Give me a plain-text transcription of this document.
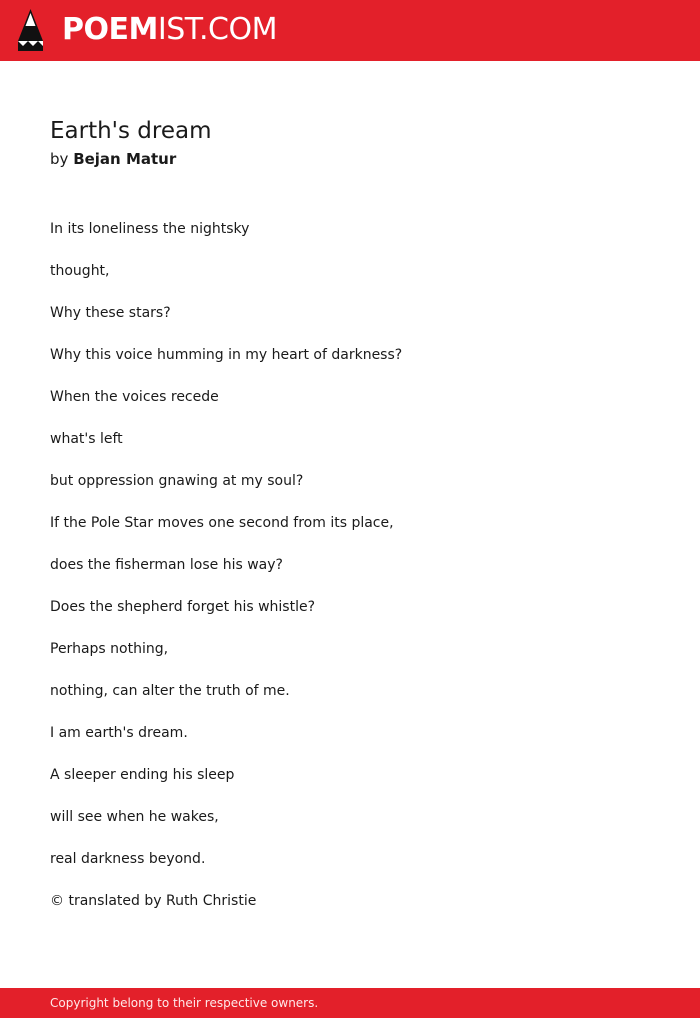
POEMIST.COM
Earth's dream
by Bejan Matur
In its loneliness the nightsky
thought,
Why these stars?
Why this voice humming in my heart of darkness?
When the voices recede
what's left
but oppression gnawing at my soul?
If the Pole Star moves one second from its place,
does the fisherman lose his way?
Does the shepherd forget his whistle?
Perhaps nothing,
nothing, can alter the truth of me.
I am earth's dream.
A sleeper ending his sleep
will see when he wakes,
real darkness beyond.
© translated by Ruth Christie
Copyright belong to their respective owners.
